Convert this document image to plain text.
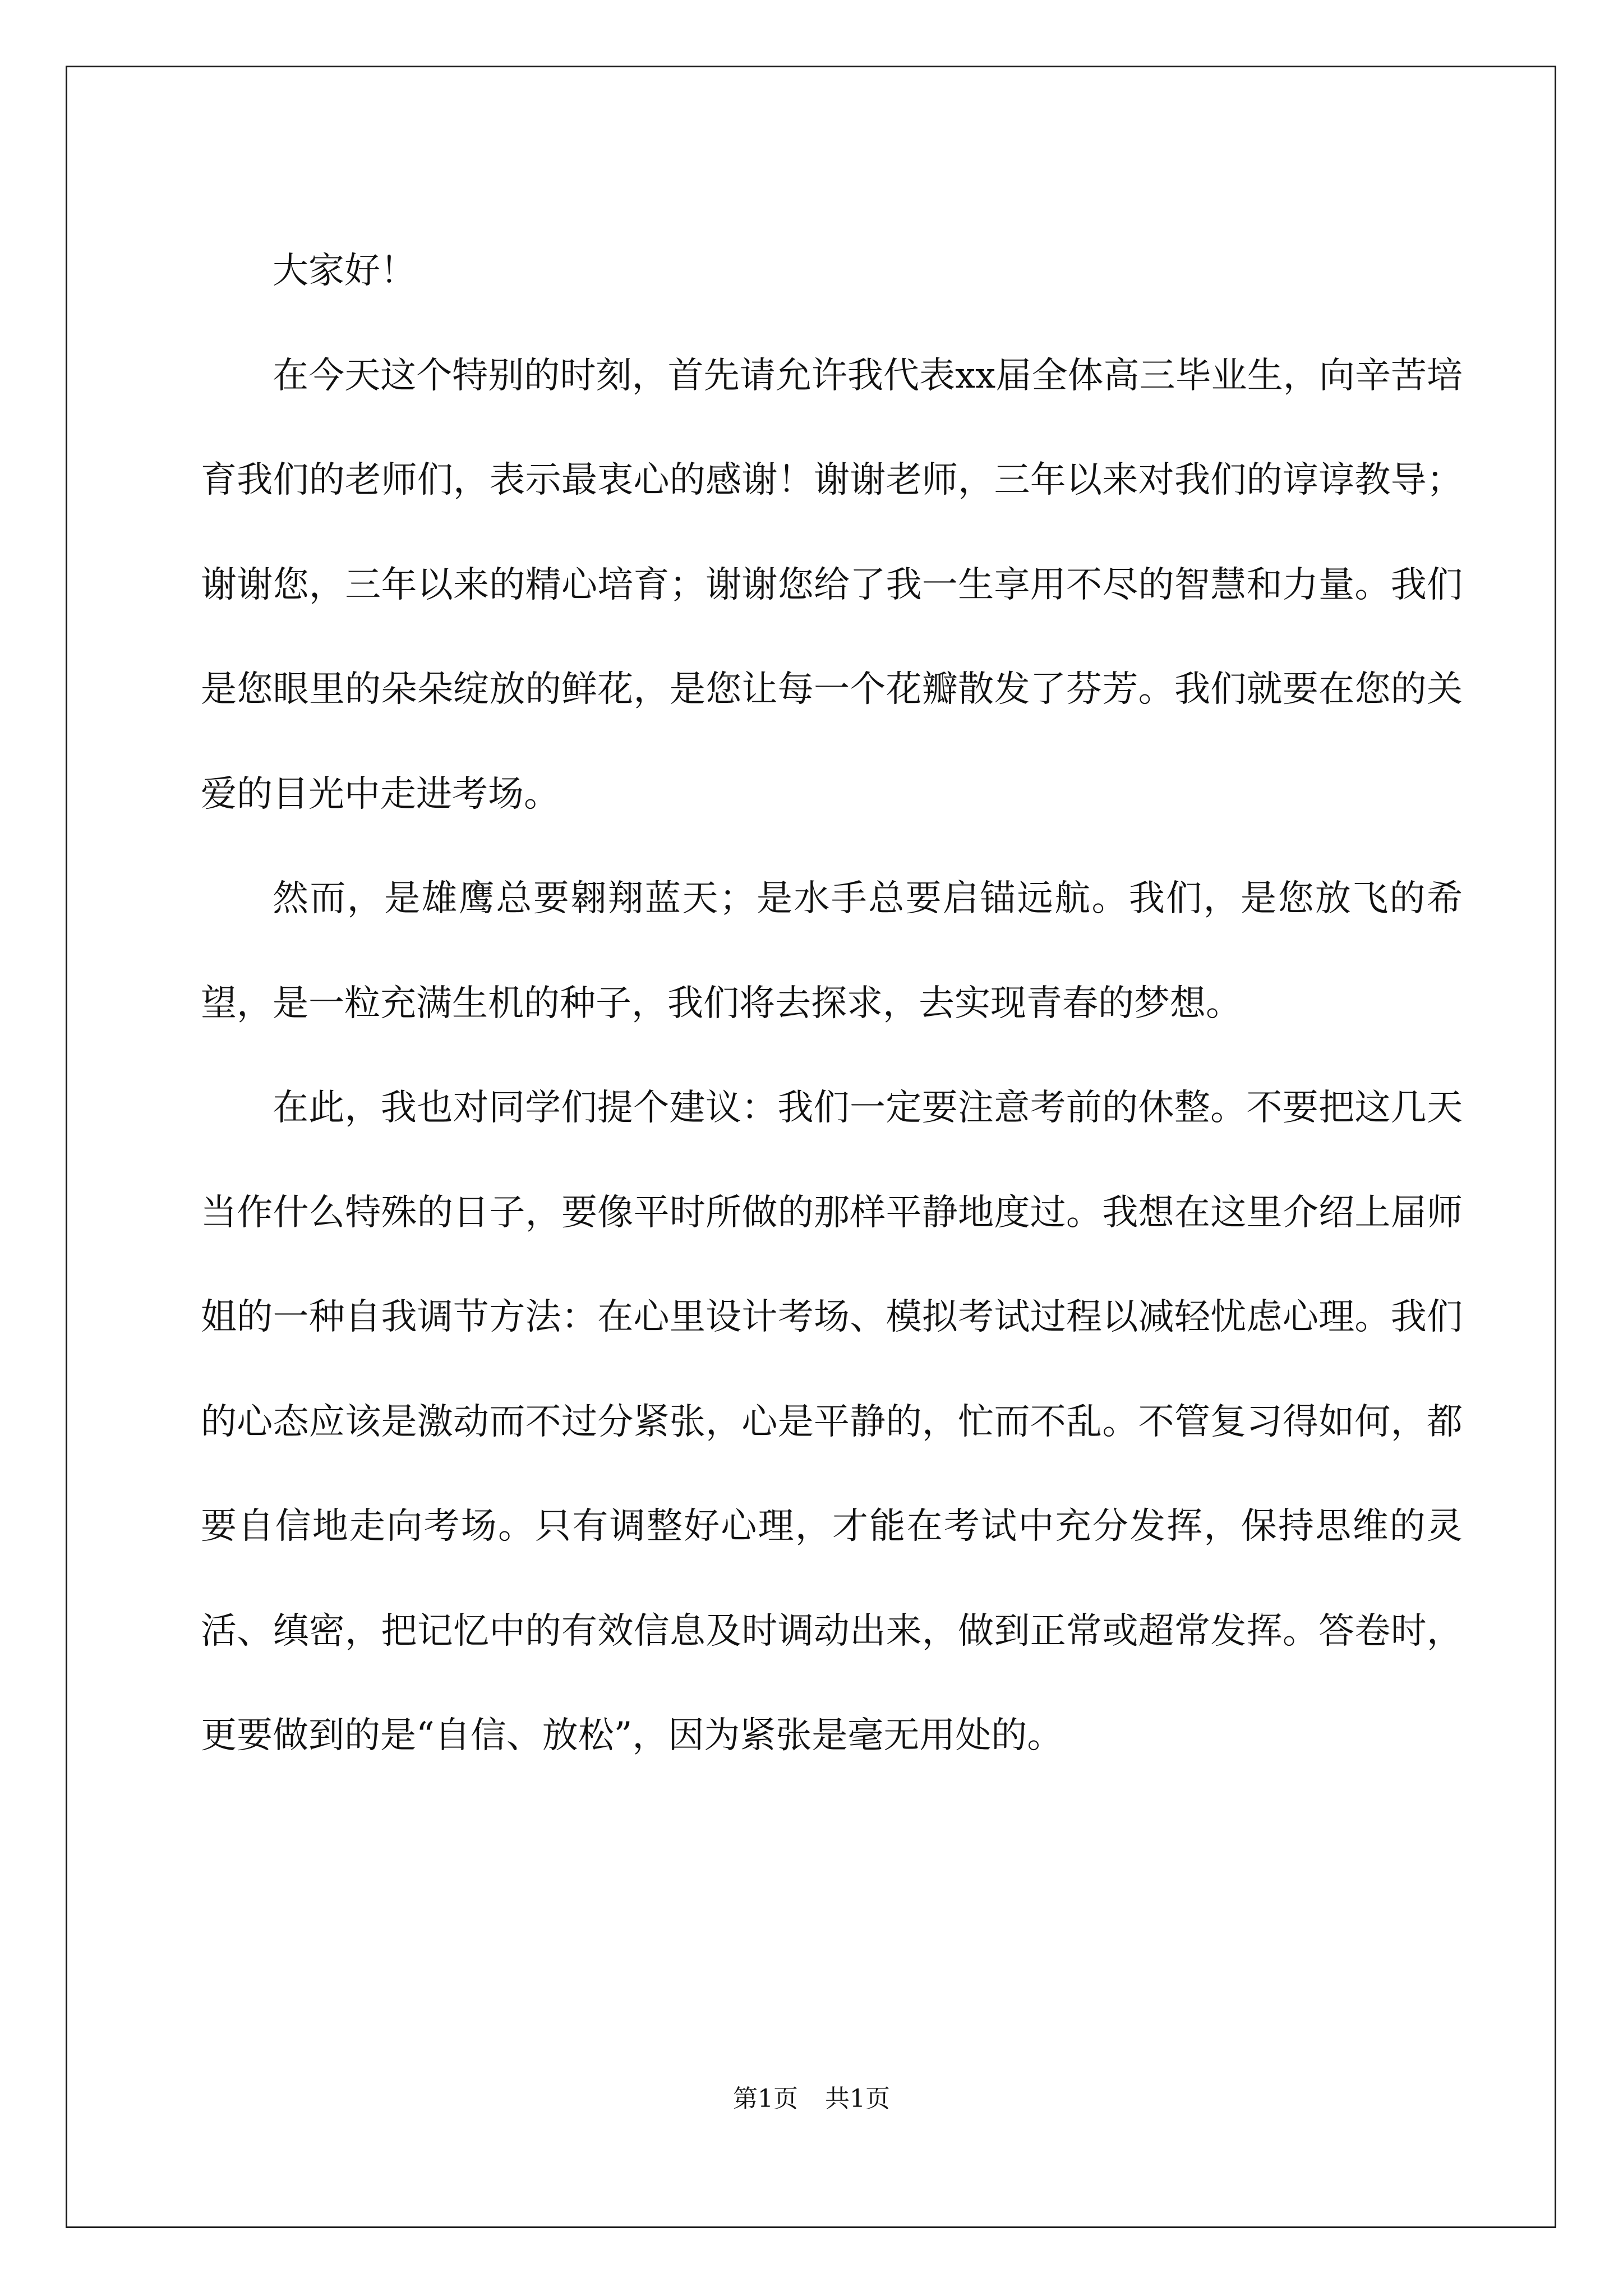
大家好！

在今天这个特别的时刻，首先请允许我代表xx届全体高三毕业生，向辛苦培育我们的老师们，表示最衷心的感谢！谢谢老师，三年以来对我们的谆谆教导；谢谢您，三年以来的精心培育；谢谢您给了我一生享用不尽的智慧和力量。我们是您眼里的朵朵绽放的鲜花，是您让每一个花瓣散发了芬芳。我们就要在您的关爱的目光中走进考场。

然而，是雄鹰总要翱翔蓝天；是水手总要启锚远航。我们，是您放飞的希望，是一粒充满生机的种子，我们将去探求，去实现青春的梦想。

在此，我也对同学们提个建议：我们一定要注意考前的休整。不要把这几天当作什么特殊的日子，要像平时所做的那样平静地度过。我想在这里介绍上届师姐的一种自我调节方法：在心里设计考场、模拟考试过程以减轻忧虑心理。我们的心态应该是激动而不过分紧张，心是平静的，忙而不乱。不管复习得如何，都要自信地走向考场。只有调整好心理，才能在考试中充分发挥，保持思维的灵活、缜密，把记忆中的有效信息及时调动出来，做到正常或超常发挥。答卷时，更要做到的是“自信、放松”，因为紧张是毫无用处的。

第1页 共1页
